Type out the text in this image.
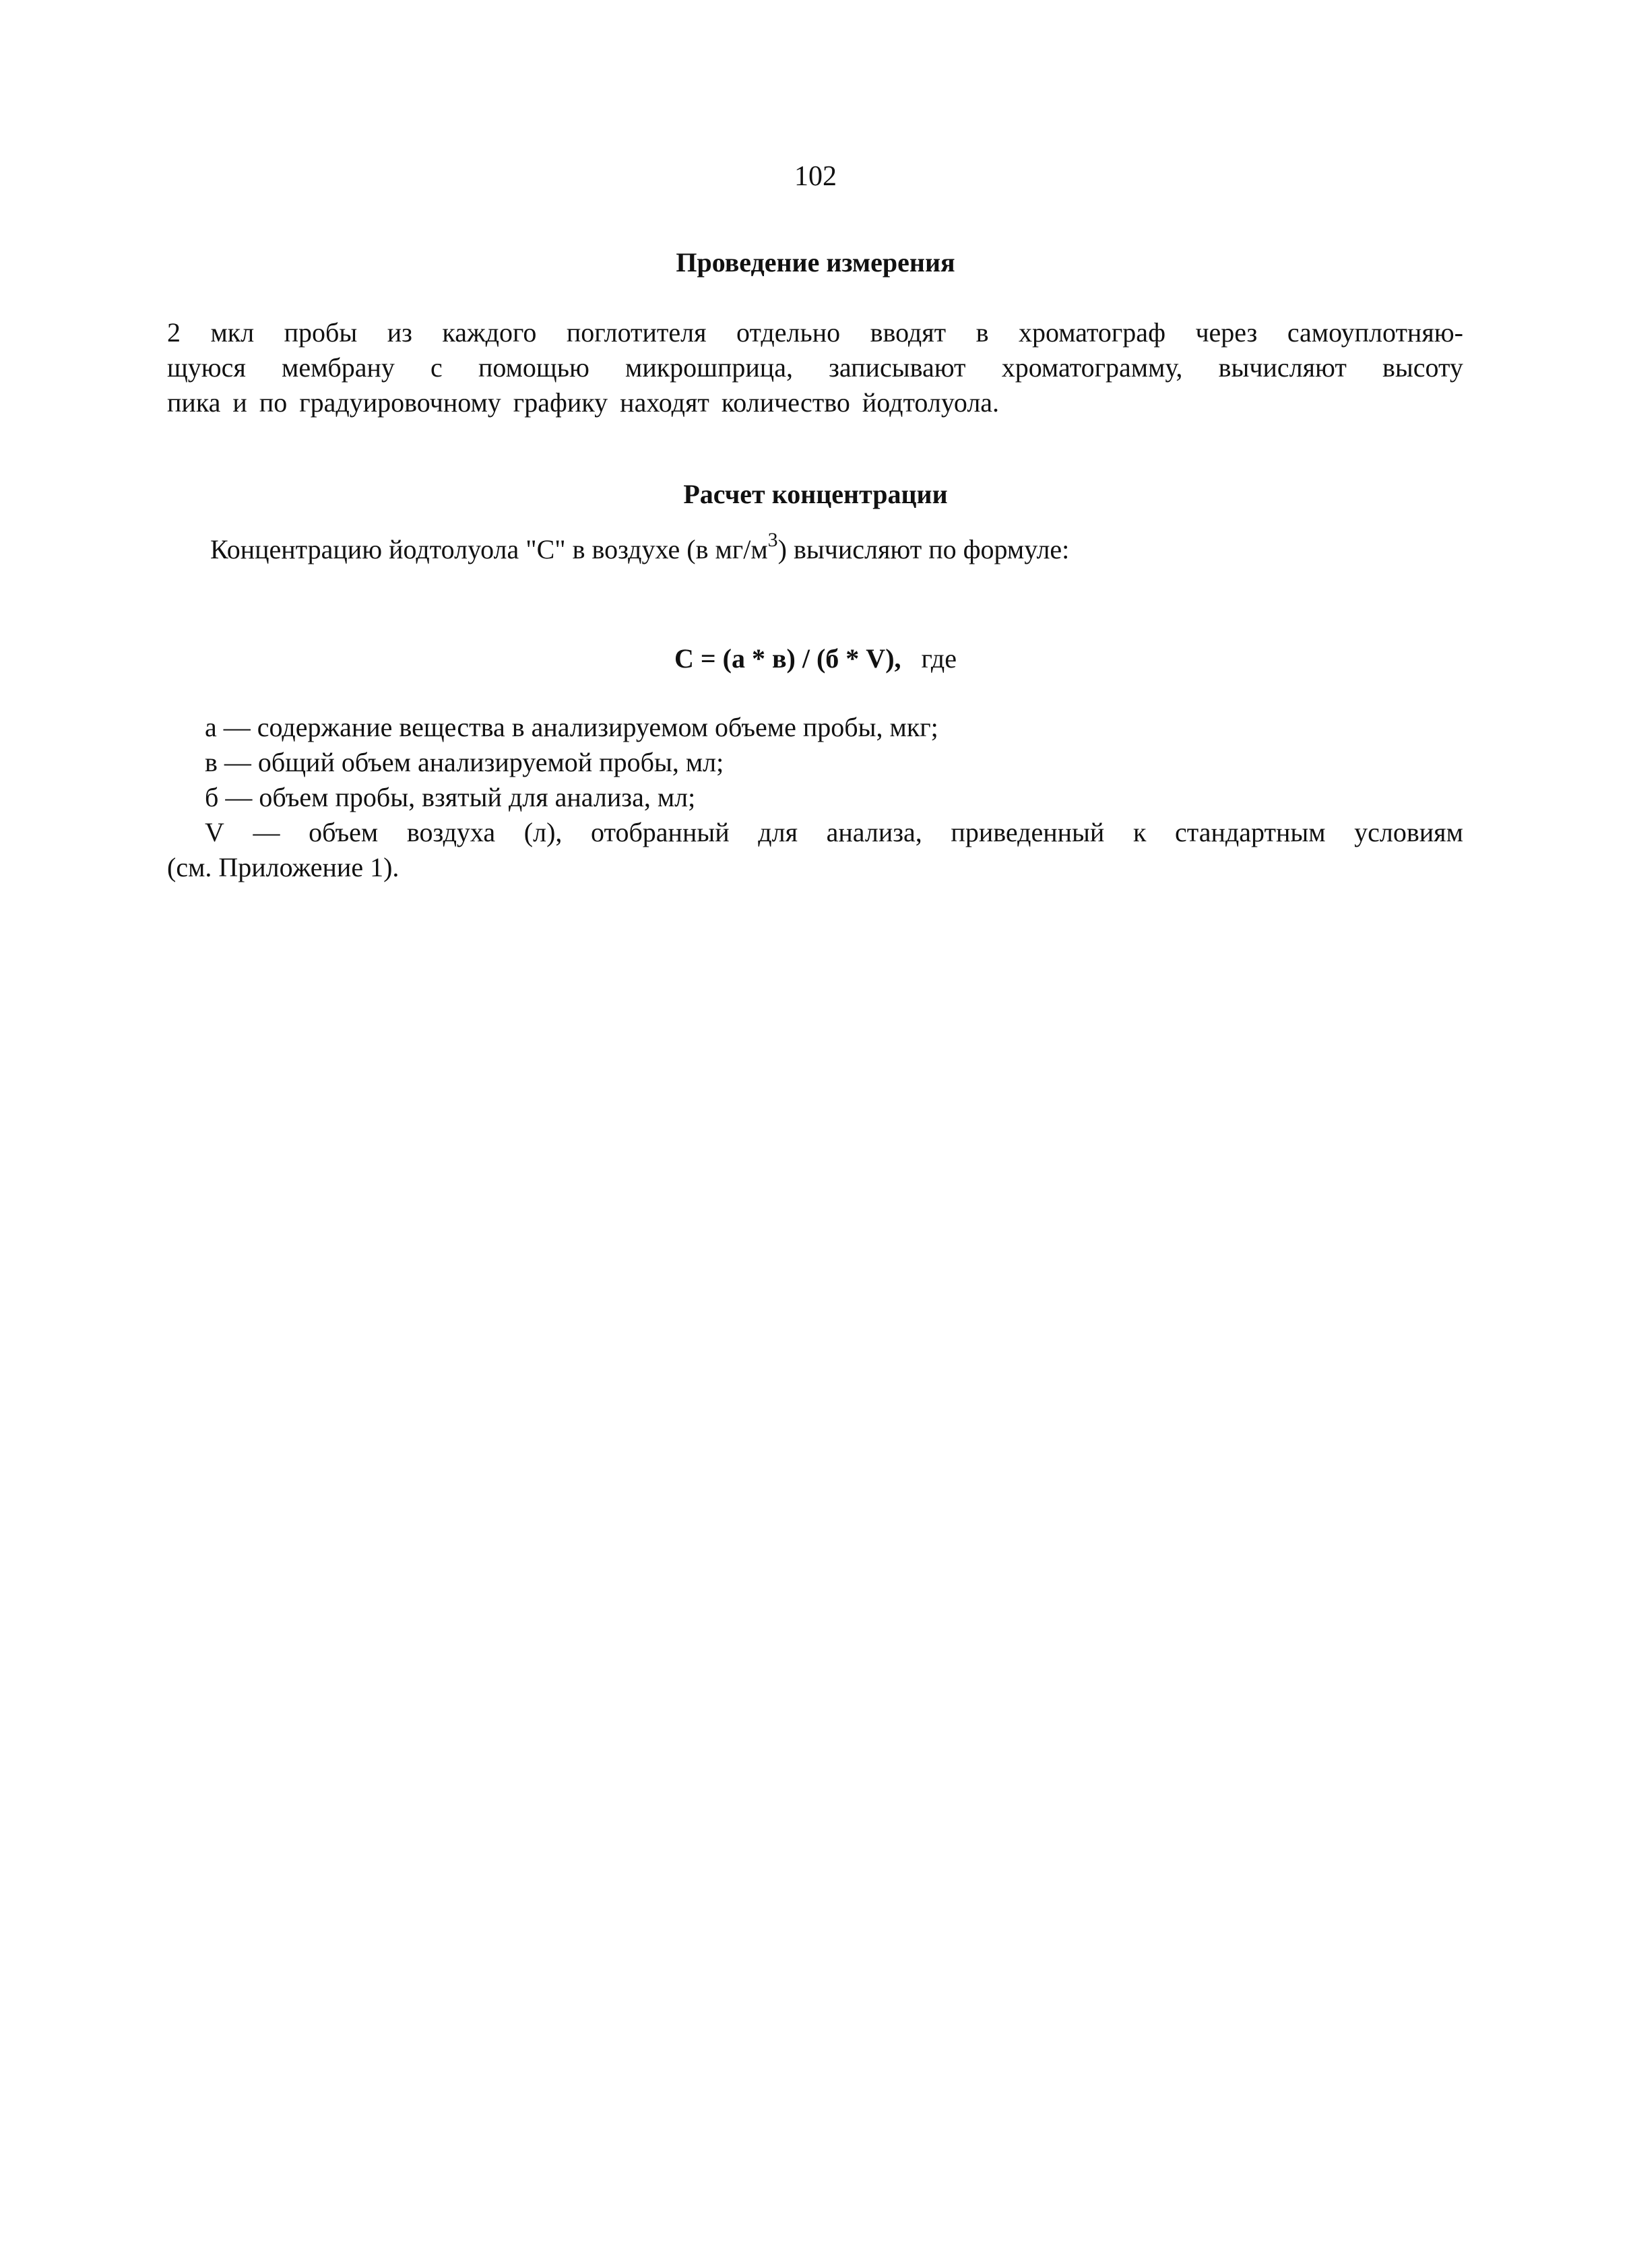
102
Проведение измерения
2 мкл пробы из каждого поглотителя отдельно вводят в хроматограф через самоуплотняю-
щуюся мембрану с помощью микрошприца, записывают хроматограмму, вычисляют высоту
пика и по градуировочному графику находят количество йодтолуола.
Расчет концентрации
Концентрацию йодтолуола "С" в воздухе (в $мг/м^3$) вычисляют по формуле:
С = (а * в) / (б * V), где
а — содержание вещества в анализируемом объеме пробы, мкг;
в — общий объем анализируемой пробы, мл;
б — объем пробы, взятый для анализа, мл;
V — объем воздуха (л), отобранный для анализа, приведенный к стандартным условиям
(см. Приложение 1).
